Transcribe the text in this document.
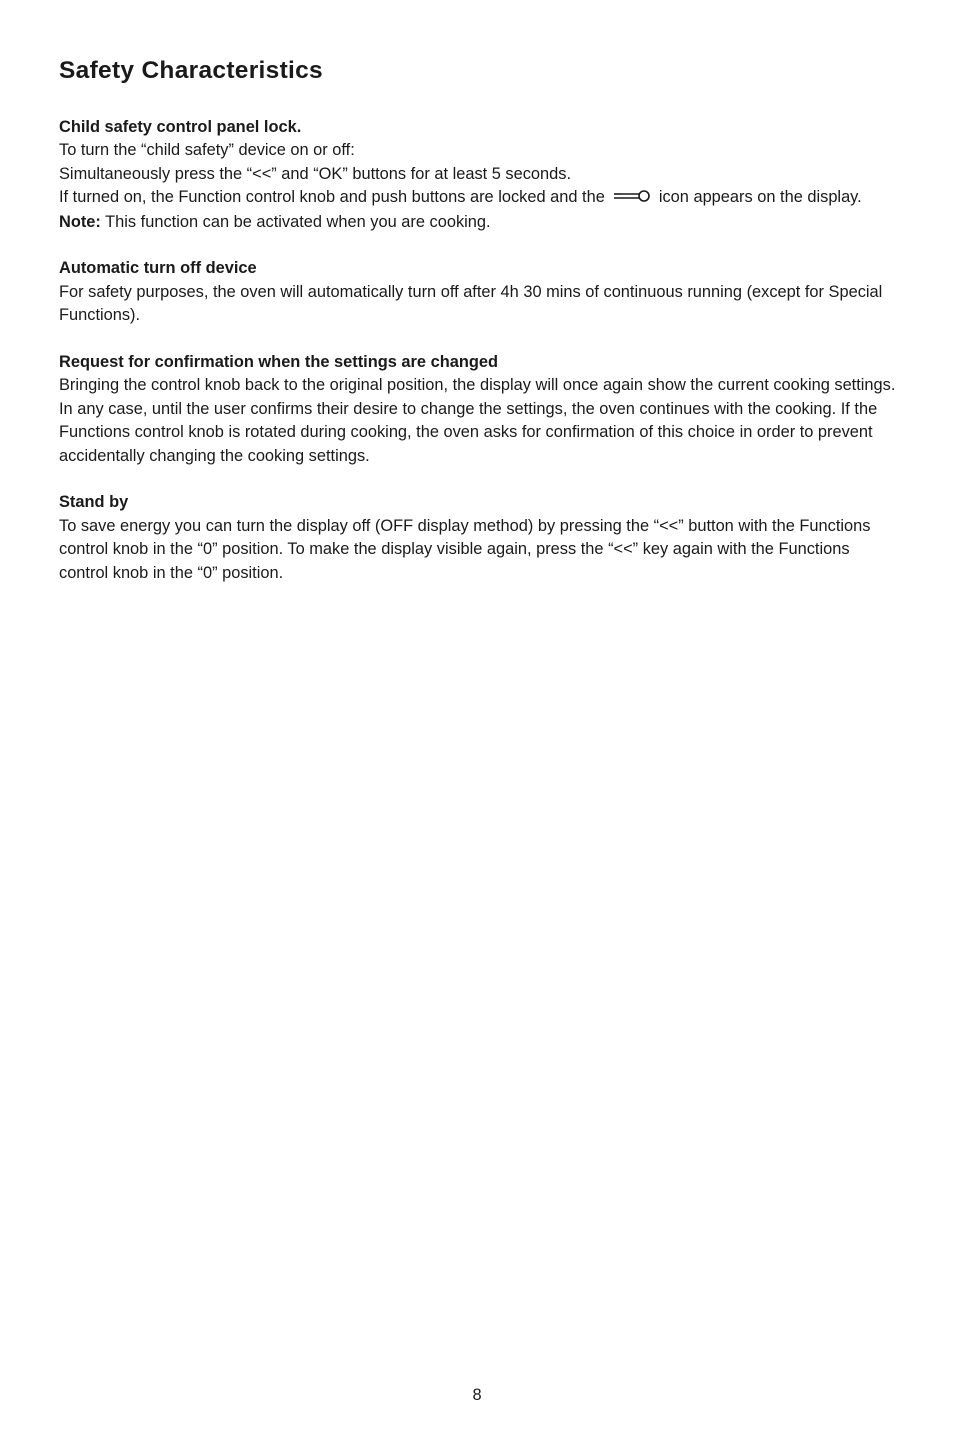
Safety Characteristics

Child safety control panel lock.

To turn the “child safety” device on or off:

Simultaneously press the “<<” and “OK” buttons for at least 5 seconds.

If turned on, the Function control knob and push buttons are locked and the	icon appears on the display.

Note: This function can be activated when you are cooking.

Automatic turn off device

For safety purposes, the oven will automatically turn off after 4h 30 mins of continuous running (except for Special Functions).

Request for confirmation when the settings are changed

Bringing the control knob back to the original position, the display will once again show the current cooking settings. In any case, until the user confirms their desire to change the settings, the oven continues with the cooking. If the Functions control knob is rotated during cooking, the oven asks for confirmation of this choice in order to prevent accidentally changing the cooking settings.

Stand by

To save energy you can turn the display off (OFF display method) by pressing the “<<” button with the Functions control knob in the “0” position. To make the display visible again, press the “<<” key again with the Functions control knob in the “0” position.

8
